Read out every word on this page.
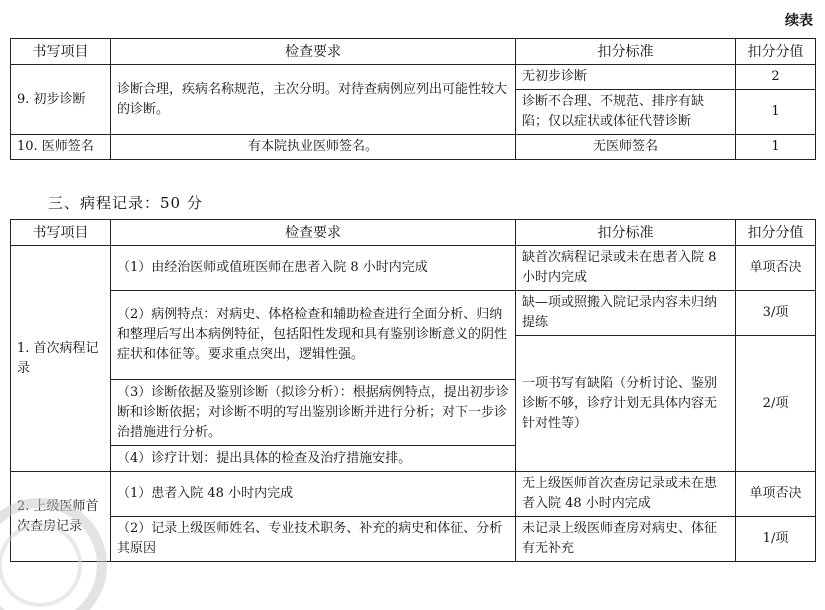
续表
书写项目	检查要求	扣分标准	扣分分值
9. 初步诊断	诊断合理，疾病名称规范，主次分明。对待查病例应列出可能性较大的诊断。	无初步诊断	2
		诊断不合理、不规范、排序有缺陷；仅以症状或体征代替诊断	1
10. 医师签名	有本院执业医师签名。	无医师签名	1
三、病程记录：50 分
书写项目	检查要求	扣分标准	扣分分值
1. 首次病程记录	（1）由经治医师或值班医师在患者入院 8 小时内完成	缺首次病程记录或未在患者入院 8 小时内完成	单项否决
	（2）病例特点：对病史、体格检查和辅助检查进行全面分析、归纳和整理后写出本病例特征，包括阳性发现和具有鉴别诊断意义的阴性症状和体征等。要求重点突出，逻辑性强。	缺—项或照搬入院记录内容未归纳提练	3/项
		一项书写有缺陷（分析讨论、鉴别诊断不够，诊疗计划无具体内容无针对性等）	2/项
	（3）诊断依据及鉴别诊断（拟诊分析）：根据病例特点，提出初步诊断和诊断依据；对诊断不明的写出鉴别诊断并进行分析；对下一步诊治措施进行分析。		
	（4）诊疗计划：提出具体的检查及治疗措施安排。		
2. 上级医师首次查房记录	（1）患者入院 48 小时内完成	无上级医师首次查房记录或未在患者入院 48 小时内完成	单项否决
	（2）记录上级医师姓名、专业技术职务、补充的病史和体征、分析其原因	未记录上级医师查房对病史、体征有无补充	1/项
